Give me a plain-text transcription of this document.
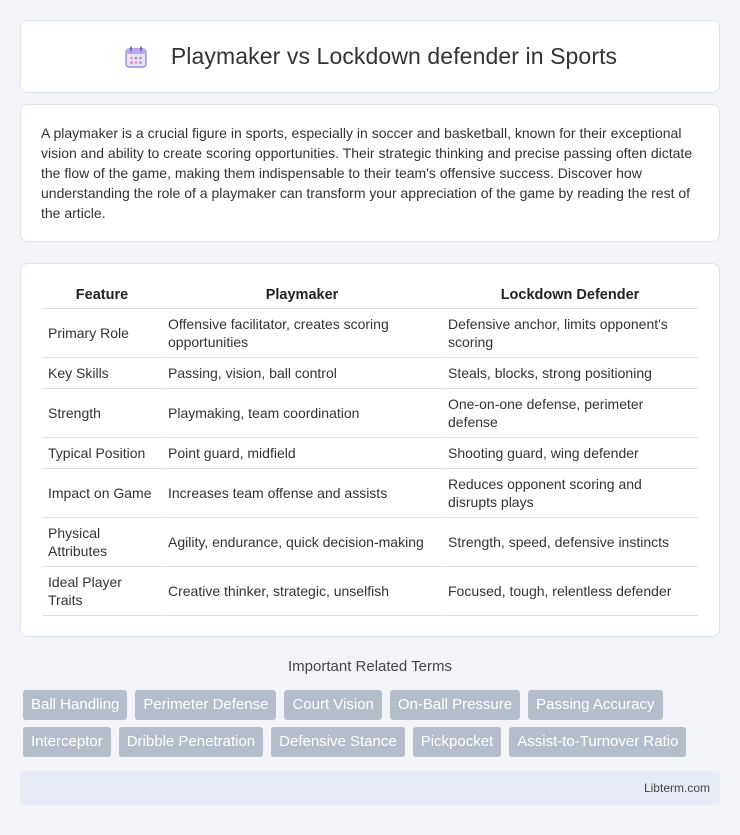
Playmaker vs Lockdown defender in Sports

A playmaker is a crucial figure in sports, especially in soccer and basketball, known for their exceptional vision and ability to create scoring opportunities. Their strategic thinking and precise passing often dictate the flow of the game, making them indispensable to their team's offensive success. Discover how understanding the role of a playmaker can transform your appreciation of the game by reading the rest of the article.

Feature	Playmaker	Lockdown Defender
Primary Role	Offensive facilitator, creates scoring opportunities	Defensive anchor, limits opponent's scoring
Key Skills	Passing, vision, ball control	Steals, blocks, strong positioning
Strength	Playmaking, team coordination	One-on-one defense, perimeter defense
Typical Position	Point guard, midfield	Shooting guard, wing defender
Impact on Game	Increases team offense and assists	Reduces opponent scoring and disrupts plays
Physical Attributes	Agility, endurance, quick decision-making	Strength, speed, defensive instincts
Ideal Player Traits	Creative thinker, strategic, unselfish	Focused, tough, relentless defender
Important Related Terms
Ball Handling	Perimeter Defense	Court Vision	On-Ball Pressure	Passing Accuracy
Interceptor	Dribble Penetration	Defensive Stance	Pickpocket	Assist-to-Turnover Ratio
Libterm.com
